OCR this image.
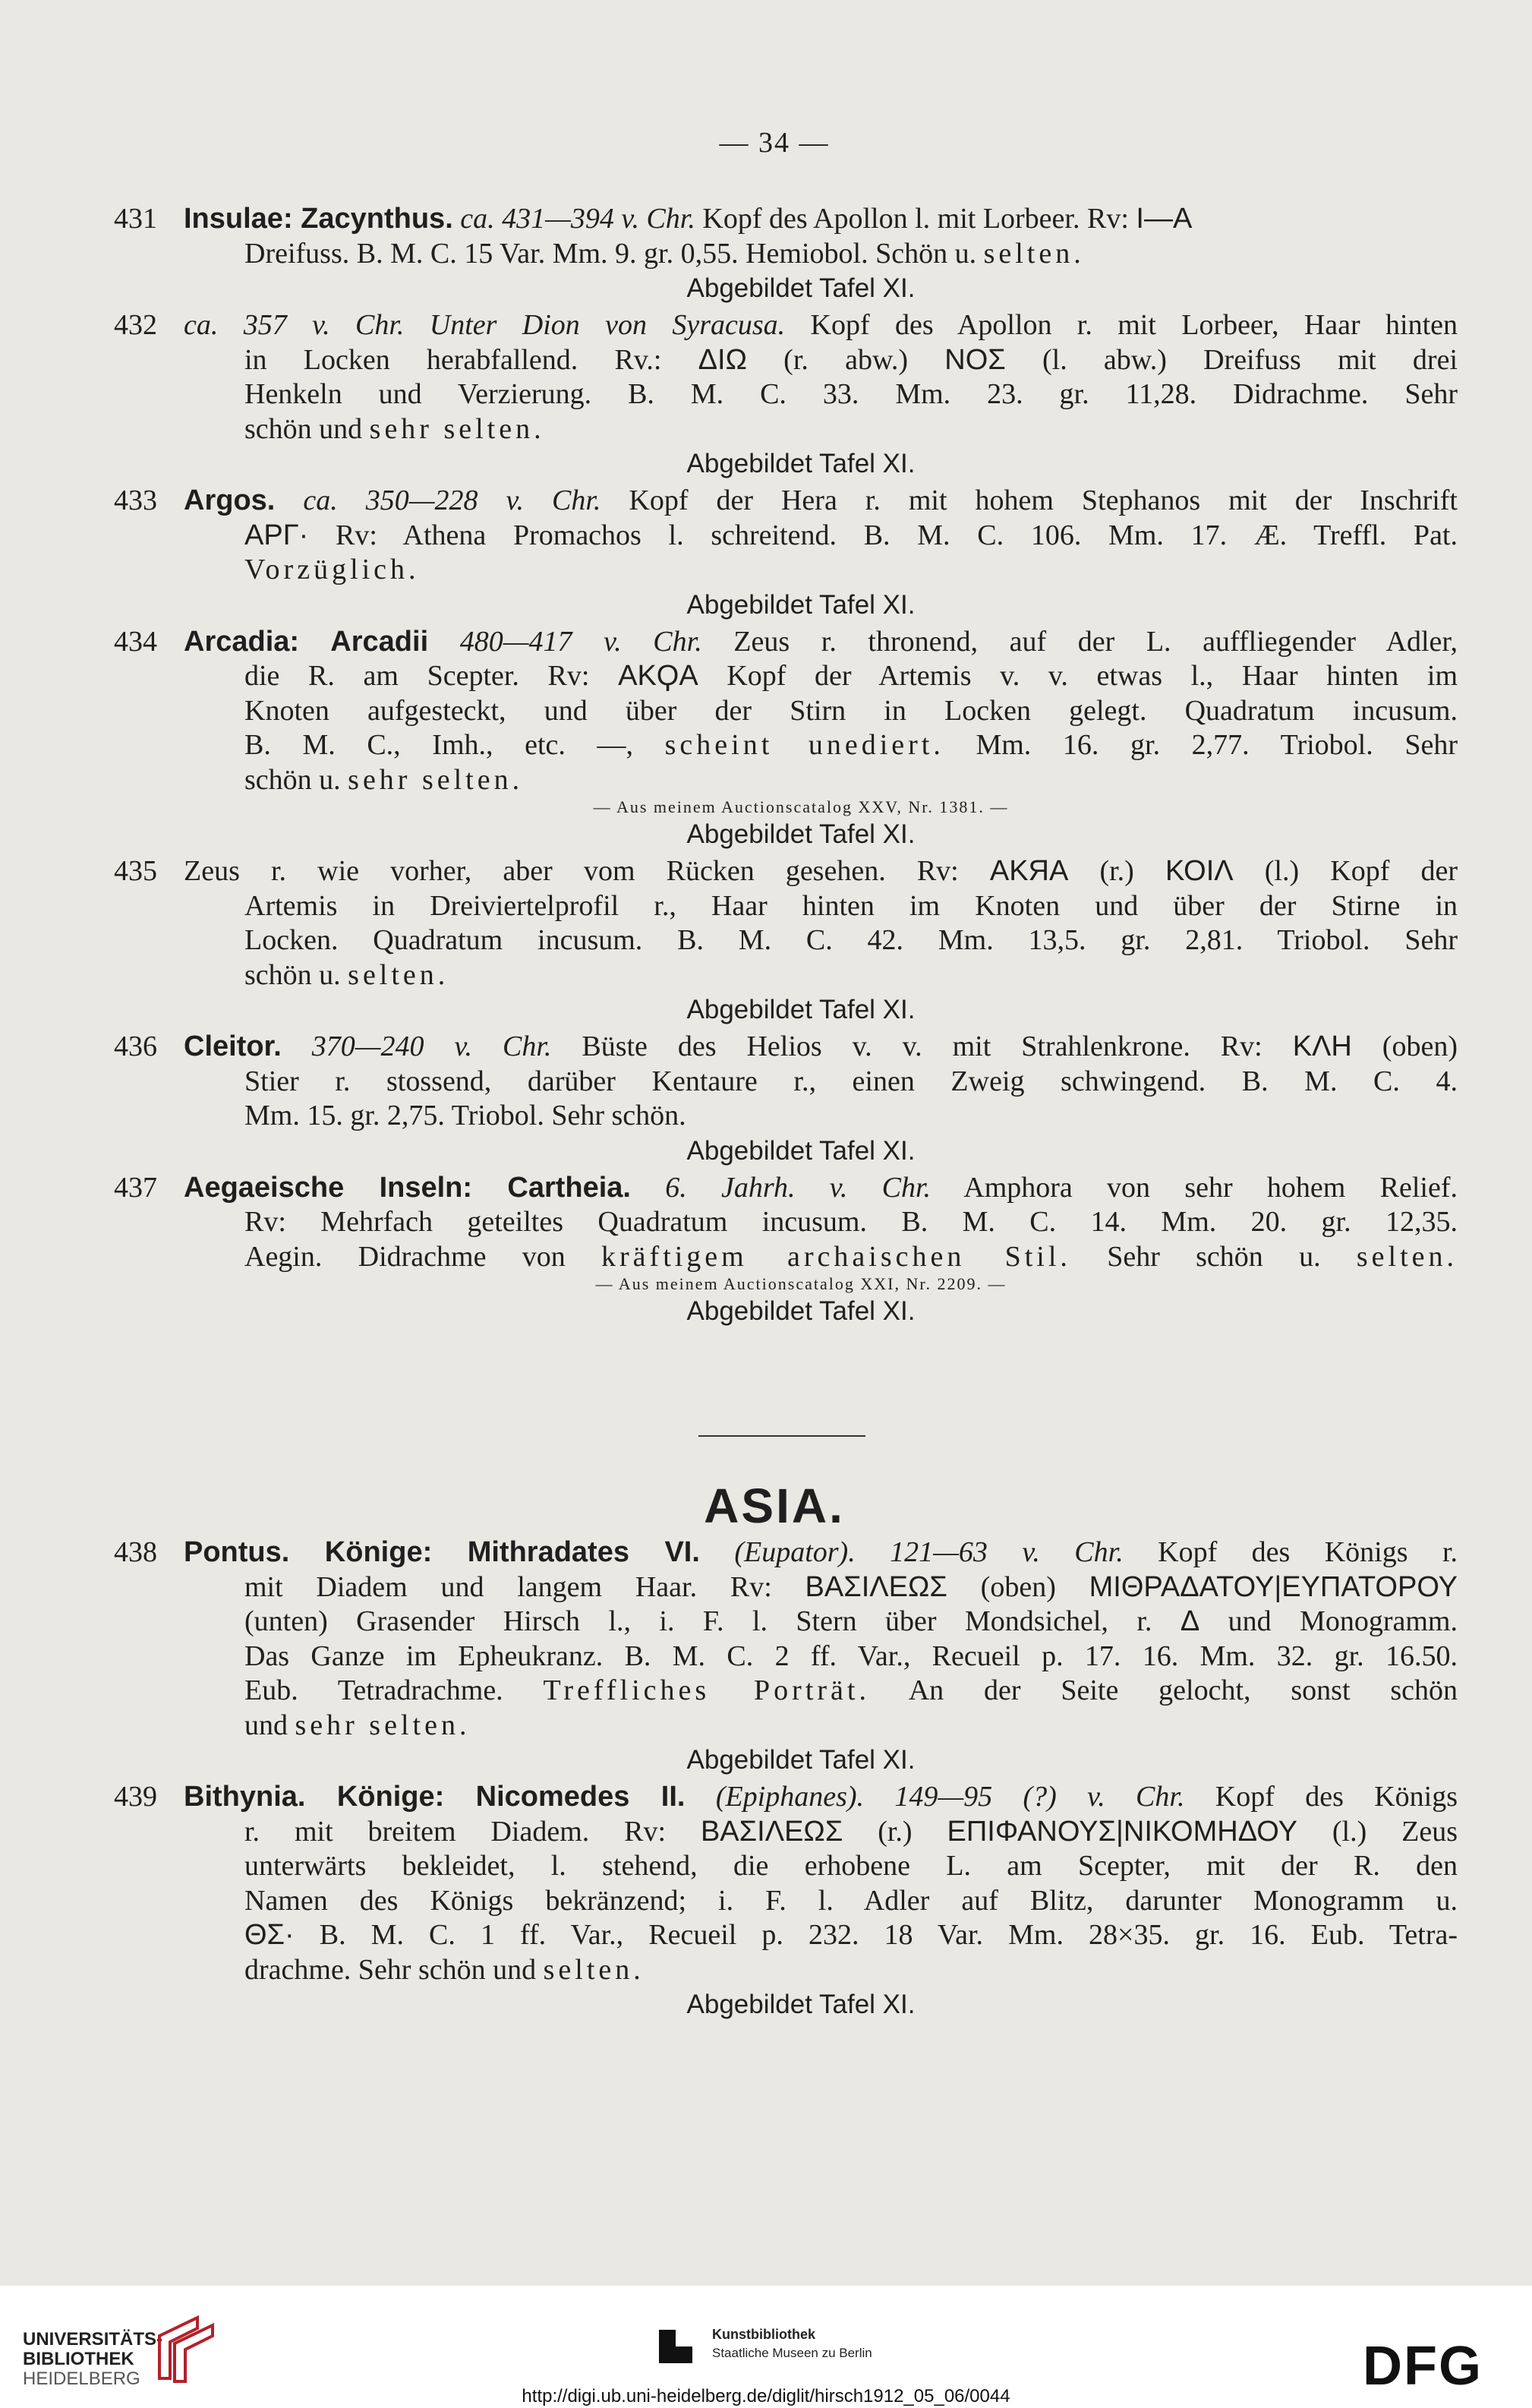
— 34 —
431 Insulae: Zacynthus. ca. 431—394 v. Chr. Kopf des Apollon l. mit Lorbeer. Rv: I—A
Dreifuss. B. M. C. 15 Var. Mm. 9. gr. 0,55. Hemiobol. Schön u. selten.
Abgebildet Tafel XI.
432 ca. 357 v. Chr. Unter Dion von Syracusa. Kopf des Apollon r. mit Lorbeer, Haar hinten
in Locken herabfallend. Rv.: ΔΙΩ (r. abw.) ΝΟΣ (l. abw.) Dreifuss mit drei
Henkeln und Verzierung. B. M. C. 33. Mm. 23. gr. 11,28. Didrachme. Sehr
schön und sehr selten.
Abgebildet Tafel XI.
433 Argos. ca. 350—228 v. Chr. Kopf der Hera r. mit hohem Stephanos mit der Inschrift
ΑΡΓ· Rv: Athena Promachos l. schreitend. B. M. C. 106. Mm. 17. Æ. Treffl. Pat.
Vorzüglich.
Abgebildet Tafel XI.
434 Arcadia: Arcadii 480—417 v. Chr. Zeus r. thronend, auf der L. auffliegender Adler,
die R. am Scepter. Rv: ΑΚϘΑ Kopf der Artemis v. v. etwas l., Haar hinten im
Knoten aufgesteckt, und über der Stirn in Locken gelegt. Quadratum incusum.
B. M. C., Imh., etc. —, scheint unediert. Mm. 16. gr. 2,77. Triobol. Sehr
schön u. sehr selten.
— Aus meinem Auctionscatalog XXV, Nr. 1381. —
Abgebildet Tafel XI.
435 Zeus r. wie vorher, aber vom Rücken gesehen. Rv: ΑΚЯΑ (r.) ΚΟΙΛ (l.) Kopf der
Artemis in Dreiviertelprofil r., Haar hinten im Knoten und über der Stirne in
Locken. Quadratum incusum. B. M. C. 42. Mm. 13,5. gr. 2,81. Triobol. Sehr
schön u. selten.
Abgebildet Tafel XI.
436 Cleitor. 370—240 v. Chr. Büste des Helios v. v. mit Strahlenkrone. Rv: ΚΛΗ (oben)
Stier r. stossend, darüber Kentaure r., einen Zweig schwingend. B. M. C. 4.
Mm. 15. gr. 2,75. Triobol. Sehr schön.
Abgebildet Tafel XI.
437 Aegaeische Inseln: Cartheia. 6. Jahrh. v. Chr. Amphora von sehr hohem Relief.
Rv: Mehrfach geteiltes Quadratum incusum. B. M. C. 14. Mm. 20. gr. 12,35.
Aegin. Didrachme von kräftigem archaischen Stil. Sehr schön u. selten.
— Aus meinem Auctionscatalog XXI, Nr. 2209. —
Abgebildet Tafel XI.
ASIA.
438 Pontus. Könige: Mithradates VI. (Eupator). 121—63 v. Chr. Kopf des Königs r.
mit Diadem und langem Haar. Rv: ΒΑΣΙΛΕΩΣ (oben) ΜΙΘΡΑΔΑΤΟΥ|ΕΥΠΑΤΟΡΟΥ
(unten) Grasender Hirsch l., i. F. l. Stern über Mondsichel, r. Δ und Monogramm.
Das Ganze im Epheukranz. B. M. C. 2 ff. Var., Recueil p. 17. 16. Mm. 32. gr. 16.50.
Eub. Tetradrachme. Treffliches Porträt. An der Seite gelocht, sonst schön
und sehr selten.
Abgebildet Tafel XI.
439 Bithynia. Könige: Nicomedes II. (Epiphanes). 149—95 (?) v. Chr. Kopf des Königs
r. mit breitem Diadem. Rv: ΒΑΣΙΛΕΩΣ (r.) ΕΠΙΦΑΝΟΥΣ|ΝΙΚΟΜΗΔΟΥ (l.) Zeus
unterwärts bekleidet, l. stehend, die erhobene L. am Scepter, mit der R. den
Namen des Königs bekränzend; i. F. l. Adler auf Blitz, darunter Monogramm u.
ΘΣ· B. M. C. 1 ff. Var., Recueil p. 232. 18 Var. Mm. 28×35. gr. 16. Eub. Tetra-
drachme. Sehr schön und selten.
Abgebildet Tafel XI.
UNIVERSITÄTS-
BIBLIOTHEK
HEIDELBERG
Kunstbibliothek
Staatliche Museen zu Berlin	DFG
http://digi.ub.uni-heidelberg.de/diglit/hirsch1912_05_06/0044
